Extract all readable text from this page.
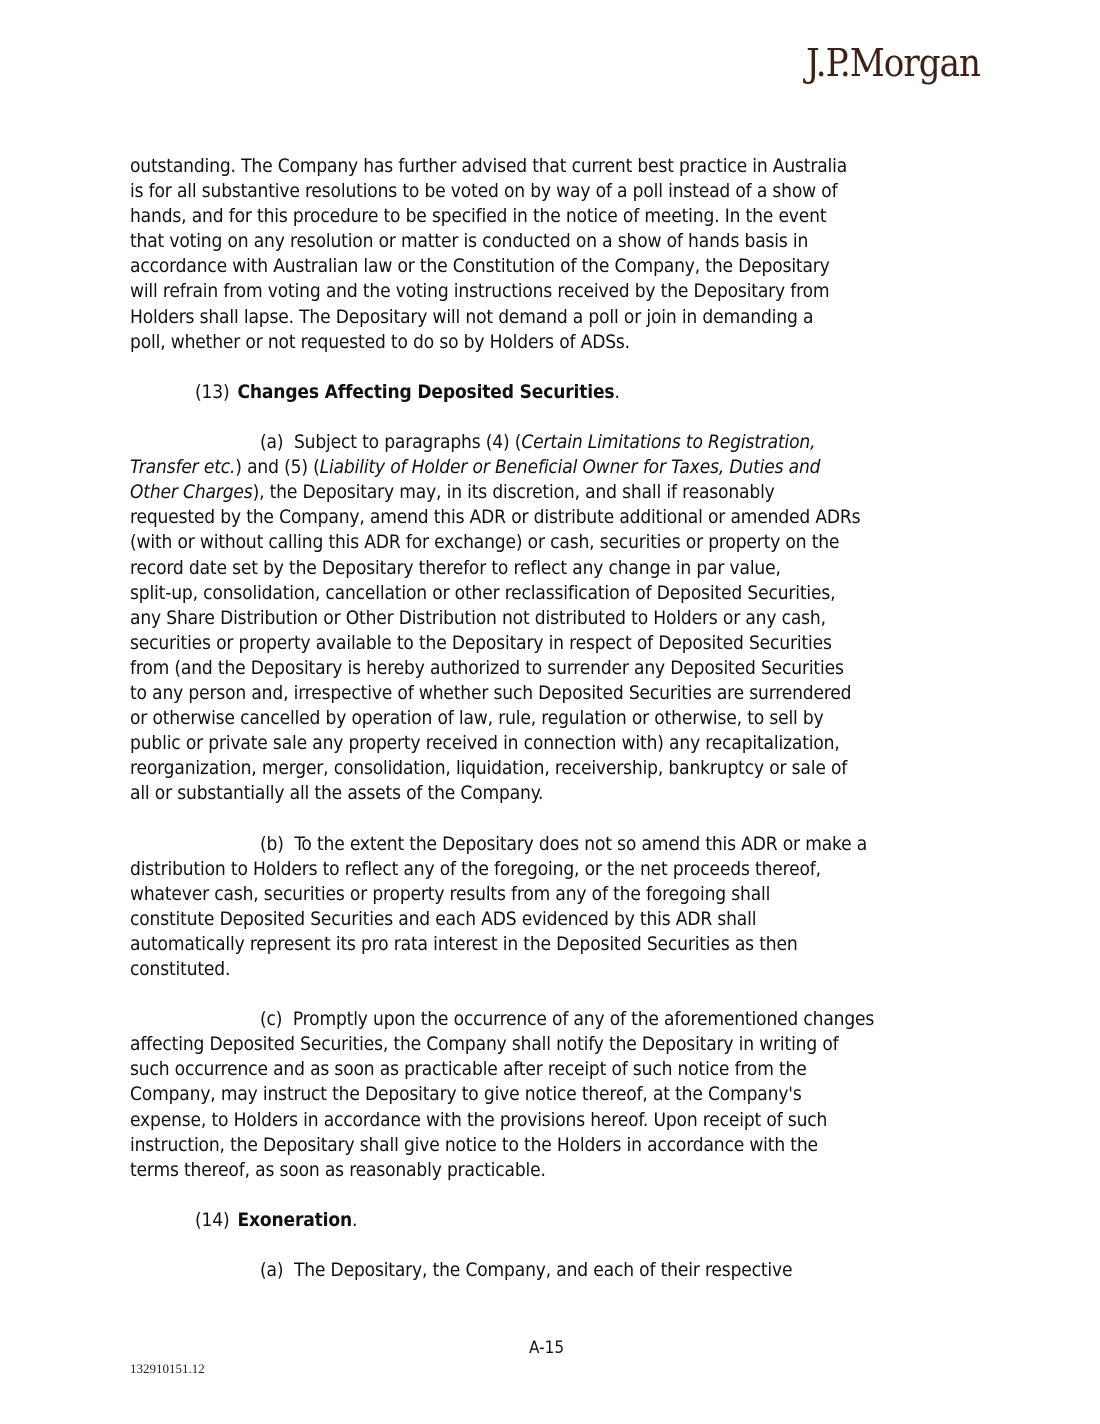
J.P.Morgan
outstanding. The Company has further advised that current best practice in Australia
is for all substantive resolutions to be voted on by way of a poll instead of a show of
hands, and for this procedure to be specified in the notice of meeting. In the event
that voting on any resolution or matter is conducted on a show of hands basis in
accordance with Australian law or the Constitution of the Company, the Depositary
will refrain from voting and the voting instructions received by the Depositary from
Holders shall lapse. The Depositary will not demand a poll or join in demanding a
poll, whether or not requested to do so by Holders of ADSs.
(13) Changes Affecting Deposited Securities.
(a) Subject to paragraphs (4) (Certain Limitations to Registration,
Transfer etc.) and (5) (Liability of Holder or Beneficial Owner for Taxes, Duties and
Other Charges), the Depositary may, in its discretion, and shall if reasonably
requested by the Company, amend this ADR or distribute additional or amended ADRs
(with or without calling this ADR for exchange) or cash, securities or property on the
record date set by the Depositary therefor to reflect any change in par value,
split-up, consolidation, cancellation or other reclassification of Deposited Securities,
any Share Distribution or Other Distribution not distributed to Holders or any cash,
securities or property available to the Depositary in respect of Deposited Securities
from (and the Depositary is hereby authorized to surrender any Deposited Securities
to any person and, irrespective of whether such Deposited Securities are surrendered
or otherwise cancelled by operation of law, rule, regulation or otherwise, to sell by
public or private sale any property received in connection with) any recapitalization,
reorganization, merger, consolidation, liquidation, receivership, bankruptcy or sale of
all or substantially all the assets of the Company.
(b) To the extent the Depositary does not so amend this ADR or make a
distribution to Holders to reflect any of the foregoing, or the net proceeds thereof,
whatever cash, securities or property results from any of the foregoing shall
constitute Deposited Securities and each ADS evidenced by this ADR shall
automatically represent its pro rata interest in the Deposited Securities as then
constituted.
(c) Promptly upon the occurrence of any of the aforementioned changes
affecting Deposited Securities, the Company shall notify the Depositary in writing of
such occurrence and as soon as practicable after receipt of such notice from the
Company, may instruct the Depositary to give notice thereof, at the Company's
expense, to Holders in accordance with the provisions hereof. Upon receipt of such
instruction, the Depositary shall give notice to the Holders in accordance with the
terms thereof, as soon as reasonably practicable.
(14) Exoneration.
(a) The Depositary, the Company, and each of their respective
A-15
132910151.12
